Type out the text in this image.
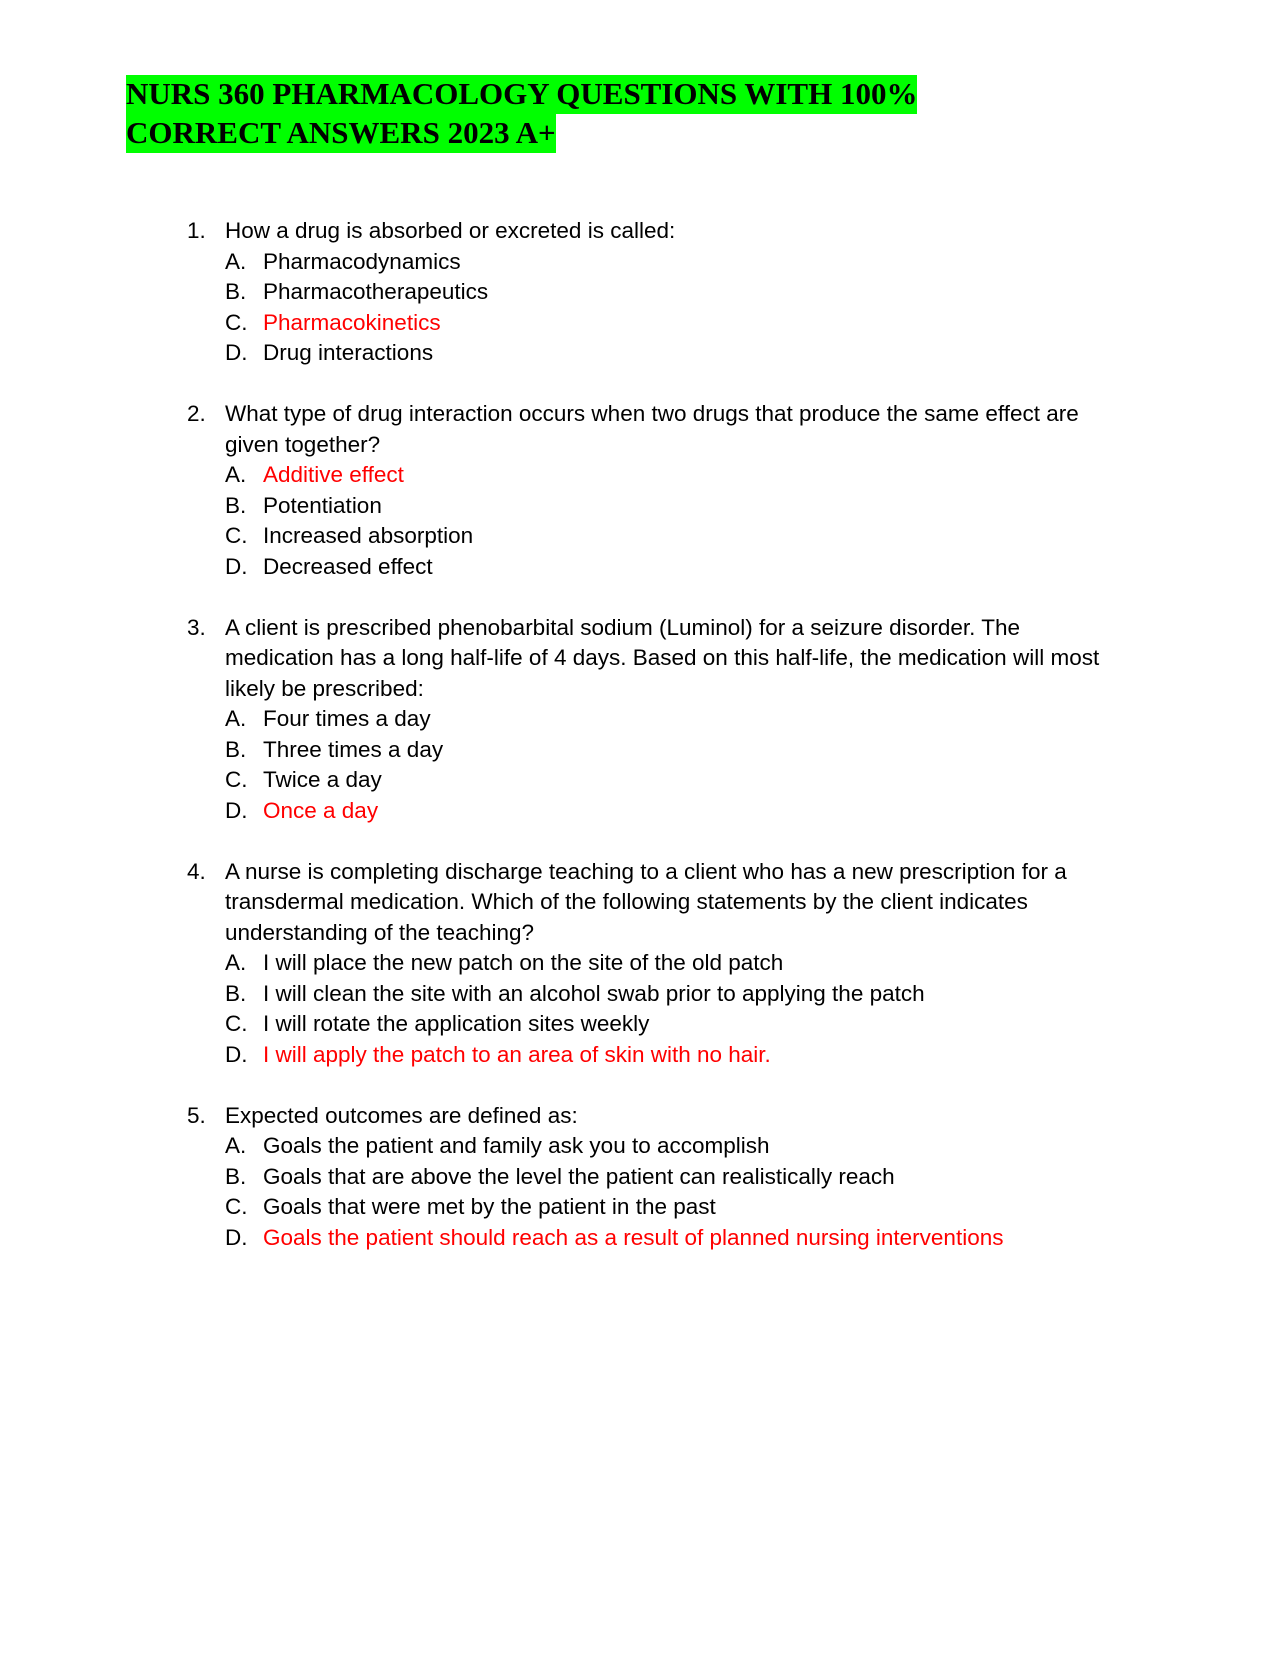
NURS 360 PHARMACOLOGY QUESTIONS WITH 100%
CORRECT ANSWERS 2023 A+
1. How a drug is absorbed or excreted is called:
A. Pharmacodynamics
B. Pharmacotherapeutics
C. Pharmacokinetics
D. Drug interactions
2. What type of drug interaction occurs when two drugs that produce the same effect are given together?
A. Additive effect
B. Potentiation
C. Increased absorption
D. Decreased effect
3. A client is prescribed phenobarbital sodium (Luminol) for a seizure disorder. The medication has a long half-life of 4 days. Based on this half-life, the medication will most likely be prescribed:
A. Four times a day
B. Three times a day
C. Twice a day
D. Once a day
4. A nurse is completing discharge teaching to a client who has a new prescription for a transdermal medication. Which of the following statements by the client indicates understanding of the teaching?
A. I will place the new patch on the site of the old patch
B. I will clean the site with an alcohol swab prior to applying the patch
C. I will rotate the application sites weekly
D. I will apply the patch to an area of skin with no hair.
5. Expected outcomes are defined as:
A. Goals the patient and family ask you to accomplish
B. Goals that are above the level the patient can realistically reach
C. Goals that were met by the patient in the past
D. Goals the patient should reach as a result of planned nursing interventions
